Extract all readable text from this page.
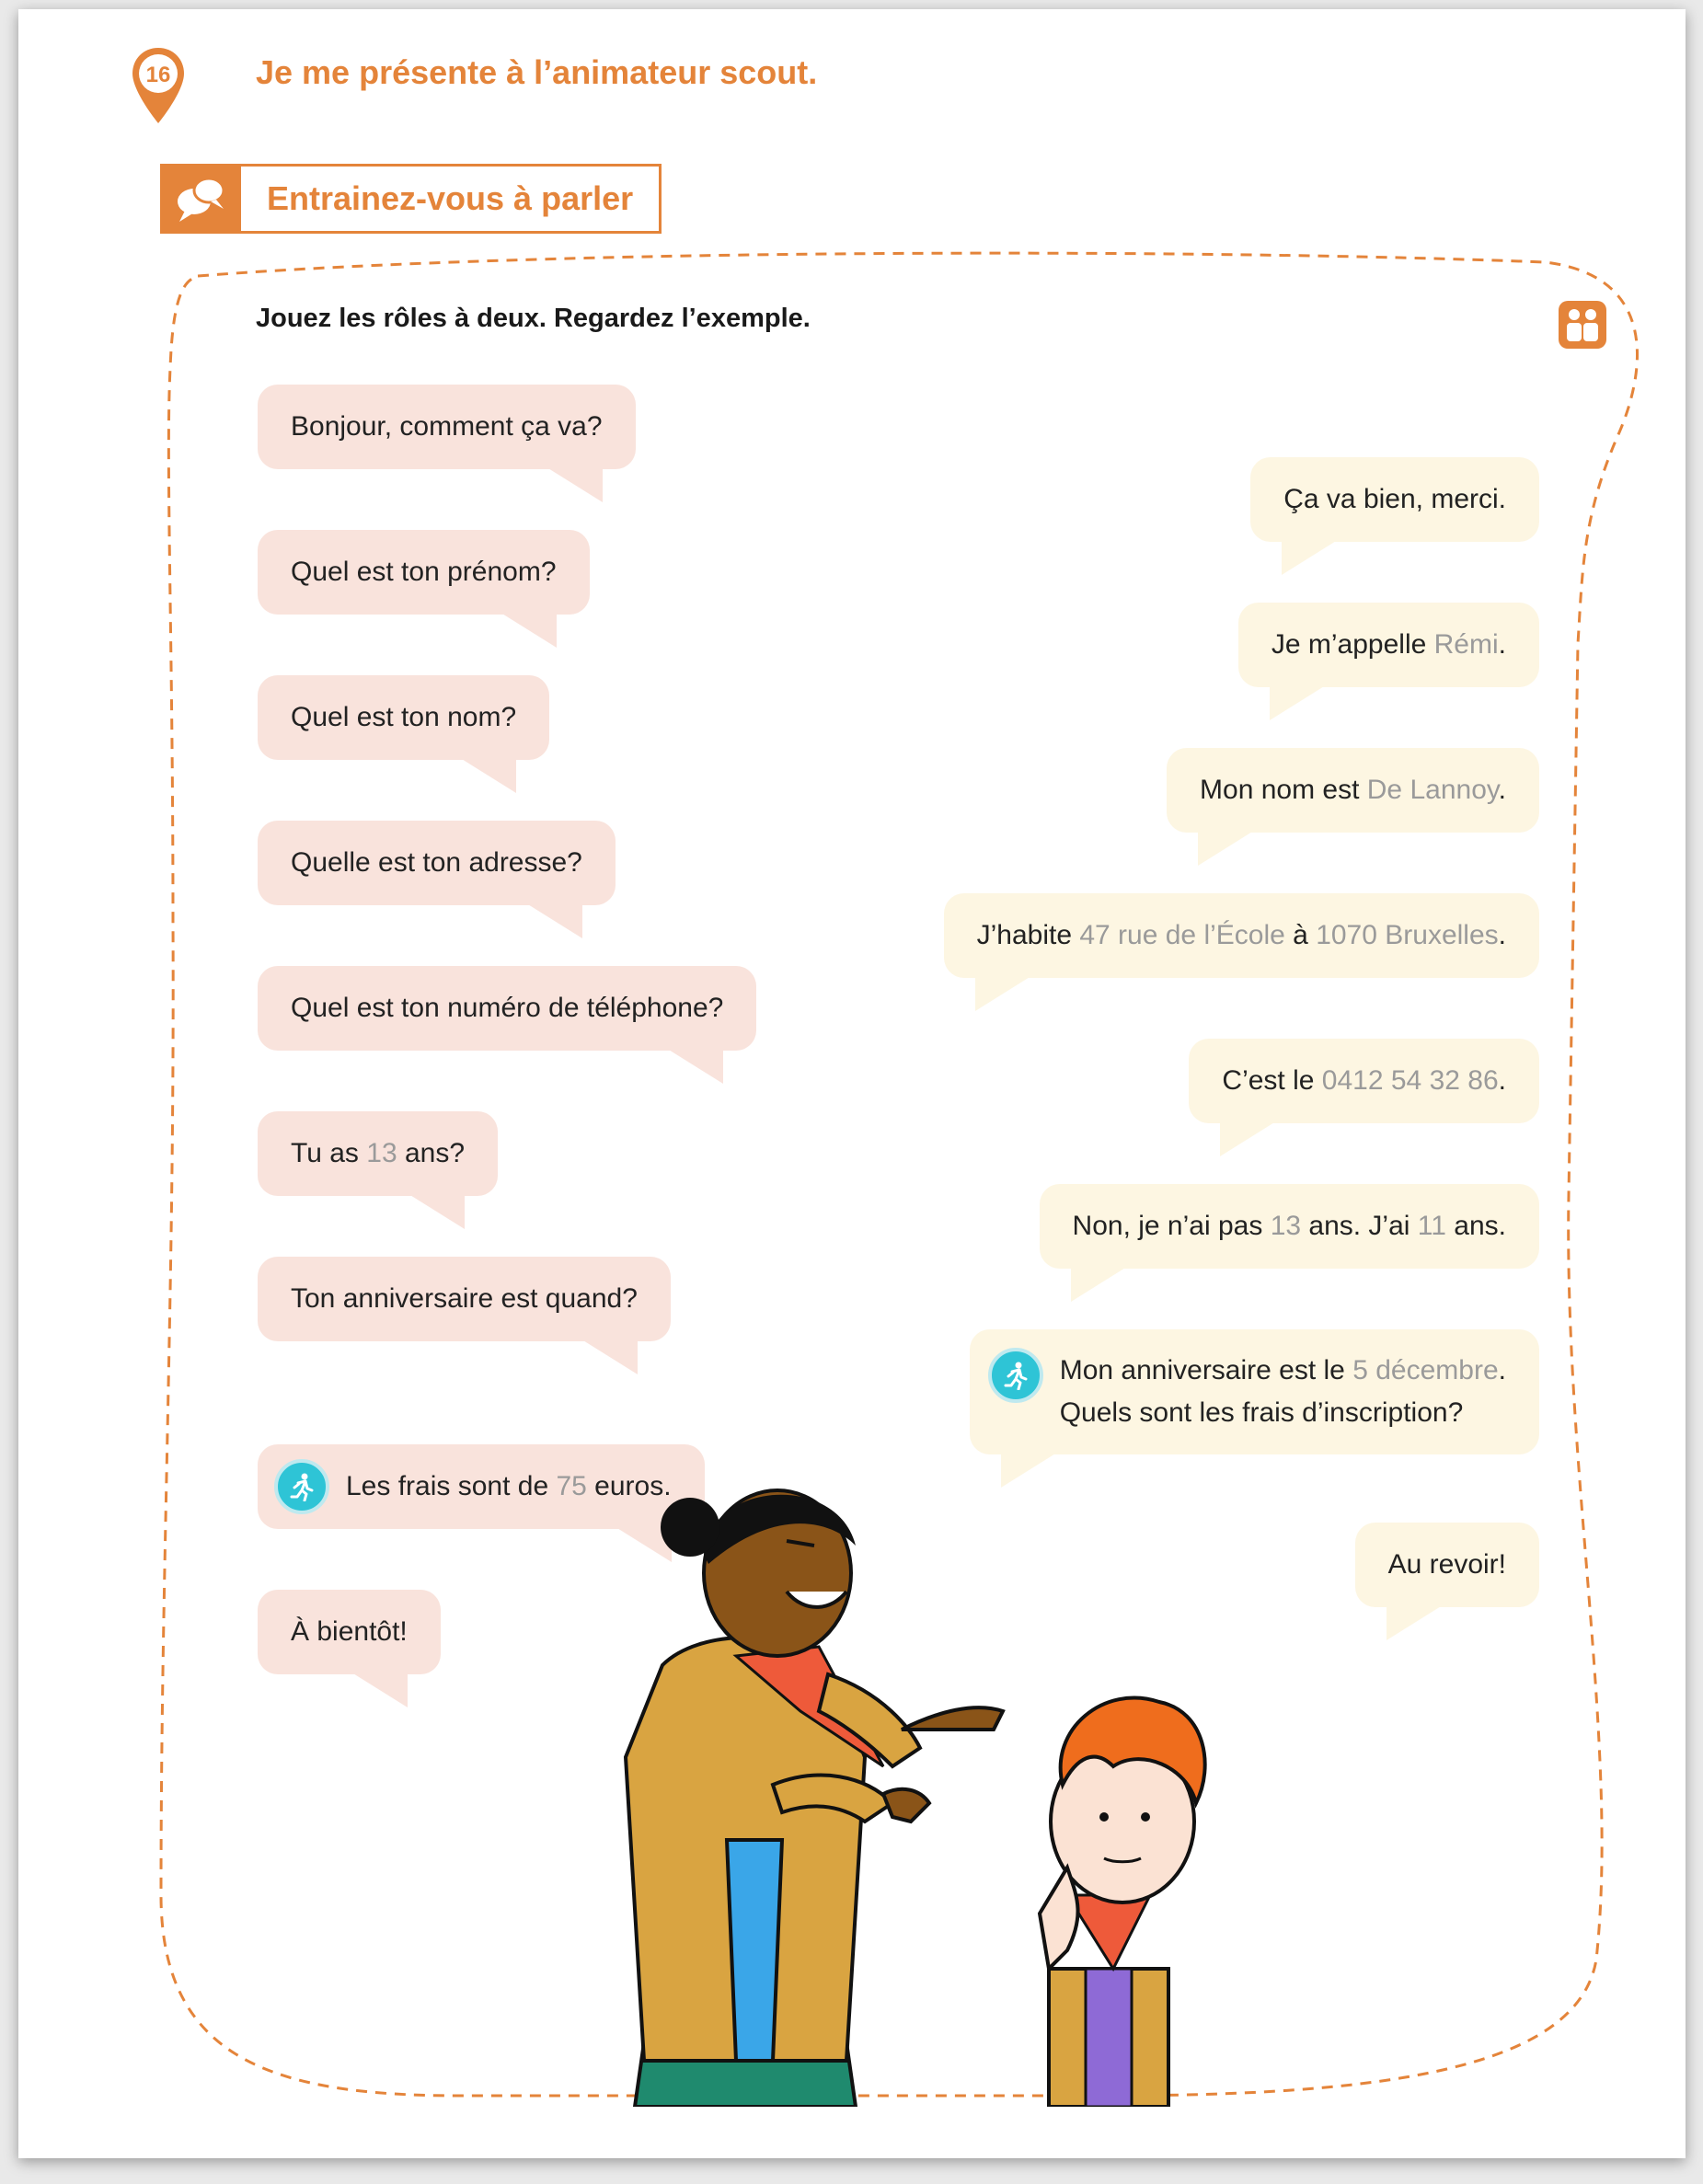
16	Je me présente à l’animateur scout.
Entrainez-vous à parler
Jouez les rôles à deux. Regardez l’exemple.
Bonjour, comment ça va?
Quel est ton prénom?
Quel est ton nom?
Quelle est ton adresse?
Quel est ton numéro de téléphone?
Tu as 13 ans?
Ton anniversaire est quand?
Les frais sont de 75 euros.
À bientôt!
Ça va bien, merci.
Je m’appelle Rémi.
Mon nom est De Lannoy.
J’habite 47 rue de l’École à 1070 Bruxelles.
C’est le 0412 54 32 86.
Non, je n’ai pas 13 ans. J’ai 11 ans.
Mon anniversaire est le 5 décembre.
Quels sont les frais d’inscription?
Au revoir!
